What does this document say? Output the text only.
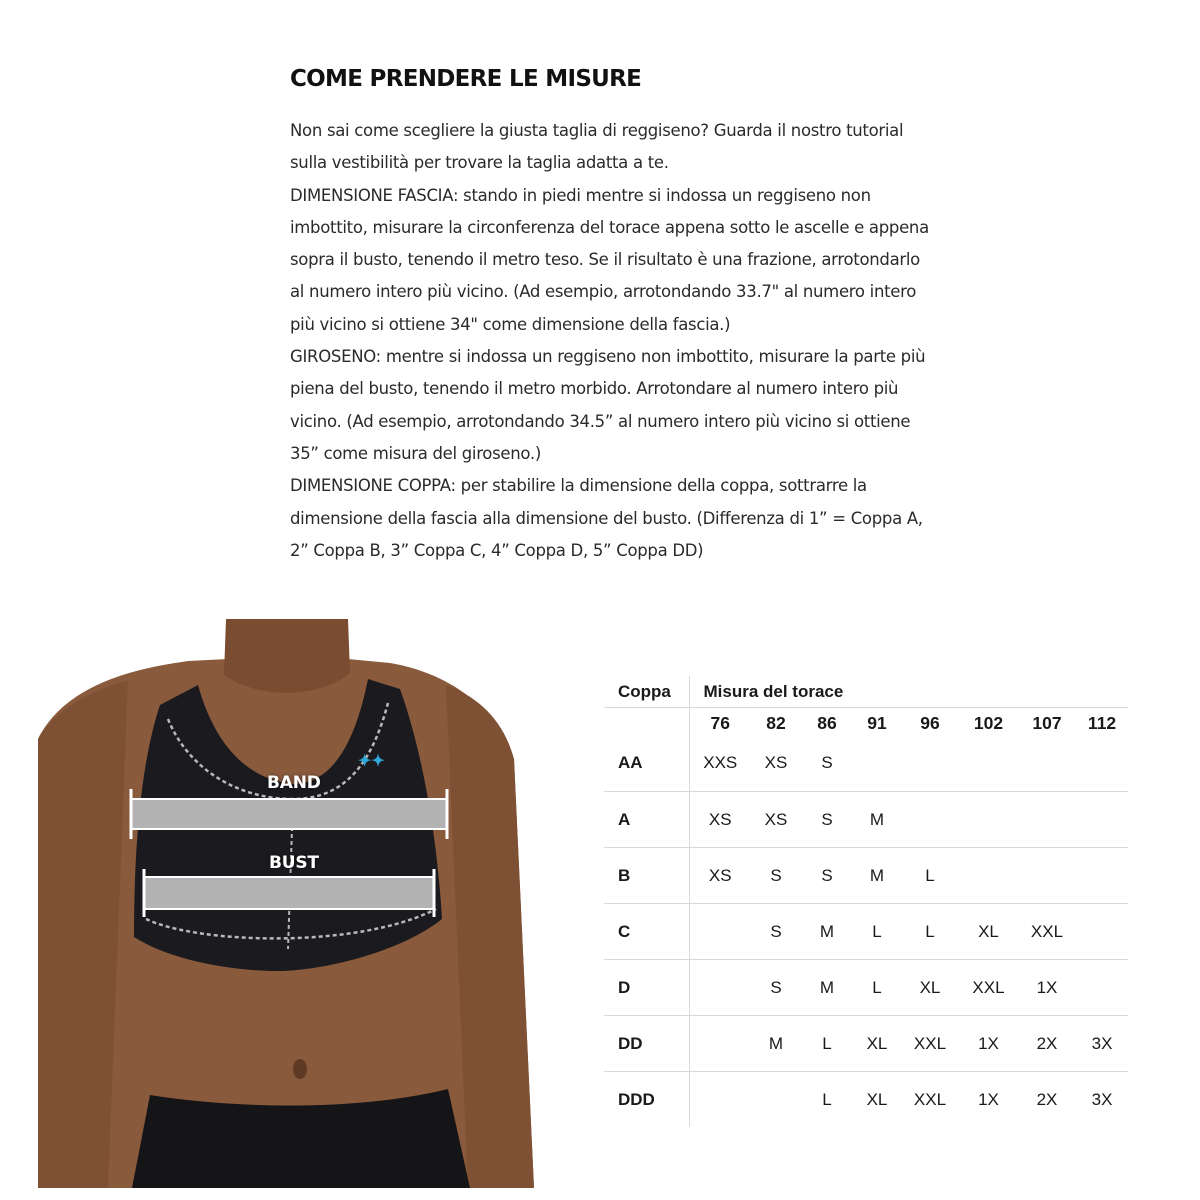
COME PRENDERE LE MISURE

Non sai come scegliere la giusta taglia di reggiseno? Guarda il nostro tutorial sulla vestibilità per trovare la taglia adatta a te.

DIMENSIONE FASCIA: stando in piedi mentre si indossa un reggiseno non imbottito, misurare la circonferenza del torace appena sotto le ascelle e appena sopra il busto, tenendo il metro teso. Se il risultato è una frazione, arrotondarlo al numero intero più vicino. (Ad esempio, arrotondando 33.7" al numero intero più vicino si ottiene 34" come dimensione della fascia.)

GIROSENO: mentre si indossa un reggiseno non imbottito, misurare la parte più piena del busto, tenendo il metro morbido. Arrotondare al numero intero più vicino. (Ad esempio, arrotondando 34.5” al numero intero più vicino si ottiene 35” come misura del giroseno.)

DIMENSIONE COPPA: per stabilire la dimensione della coppa, sottrarre la dimensione della fascia alla dimensione del busto. (Differenza di 1” = Coppa A, 2” Coppa B, 3” Coppa C, 4” Coppa D, 5” Coppa DD)

✦✦
BAND
BUST
Coppa	Misura del torace							
	76	82	86	91	96	102	107	112
AA	XXS	XS	S					
A	XS	XS	S	M				
B	XS	S	S	M	L			
C		S	M	L	L	XL	XXL	
D		S	M	L	XL	XXL	1X	
DD		M	L	XL	XXL	1X	2X	3X
DDD			L	XL	XXL	1X	2X	3X
